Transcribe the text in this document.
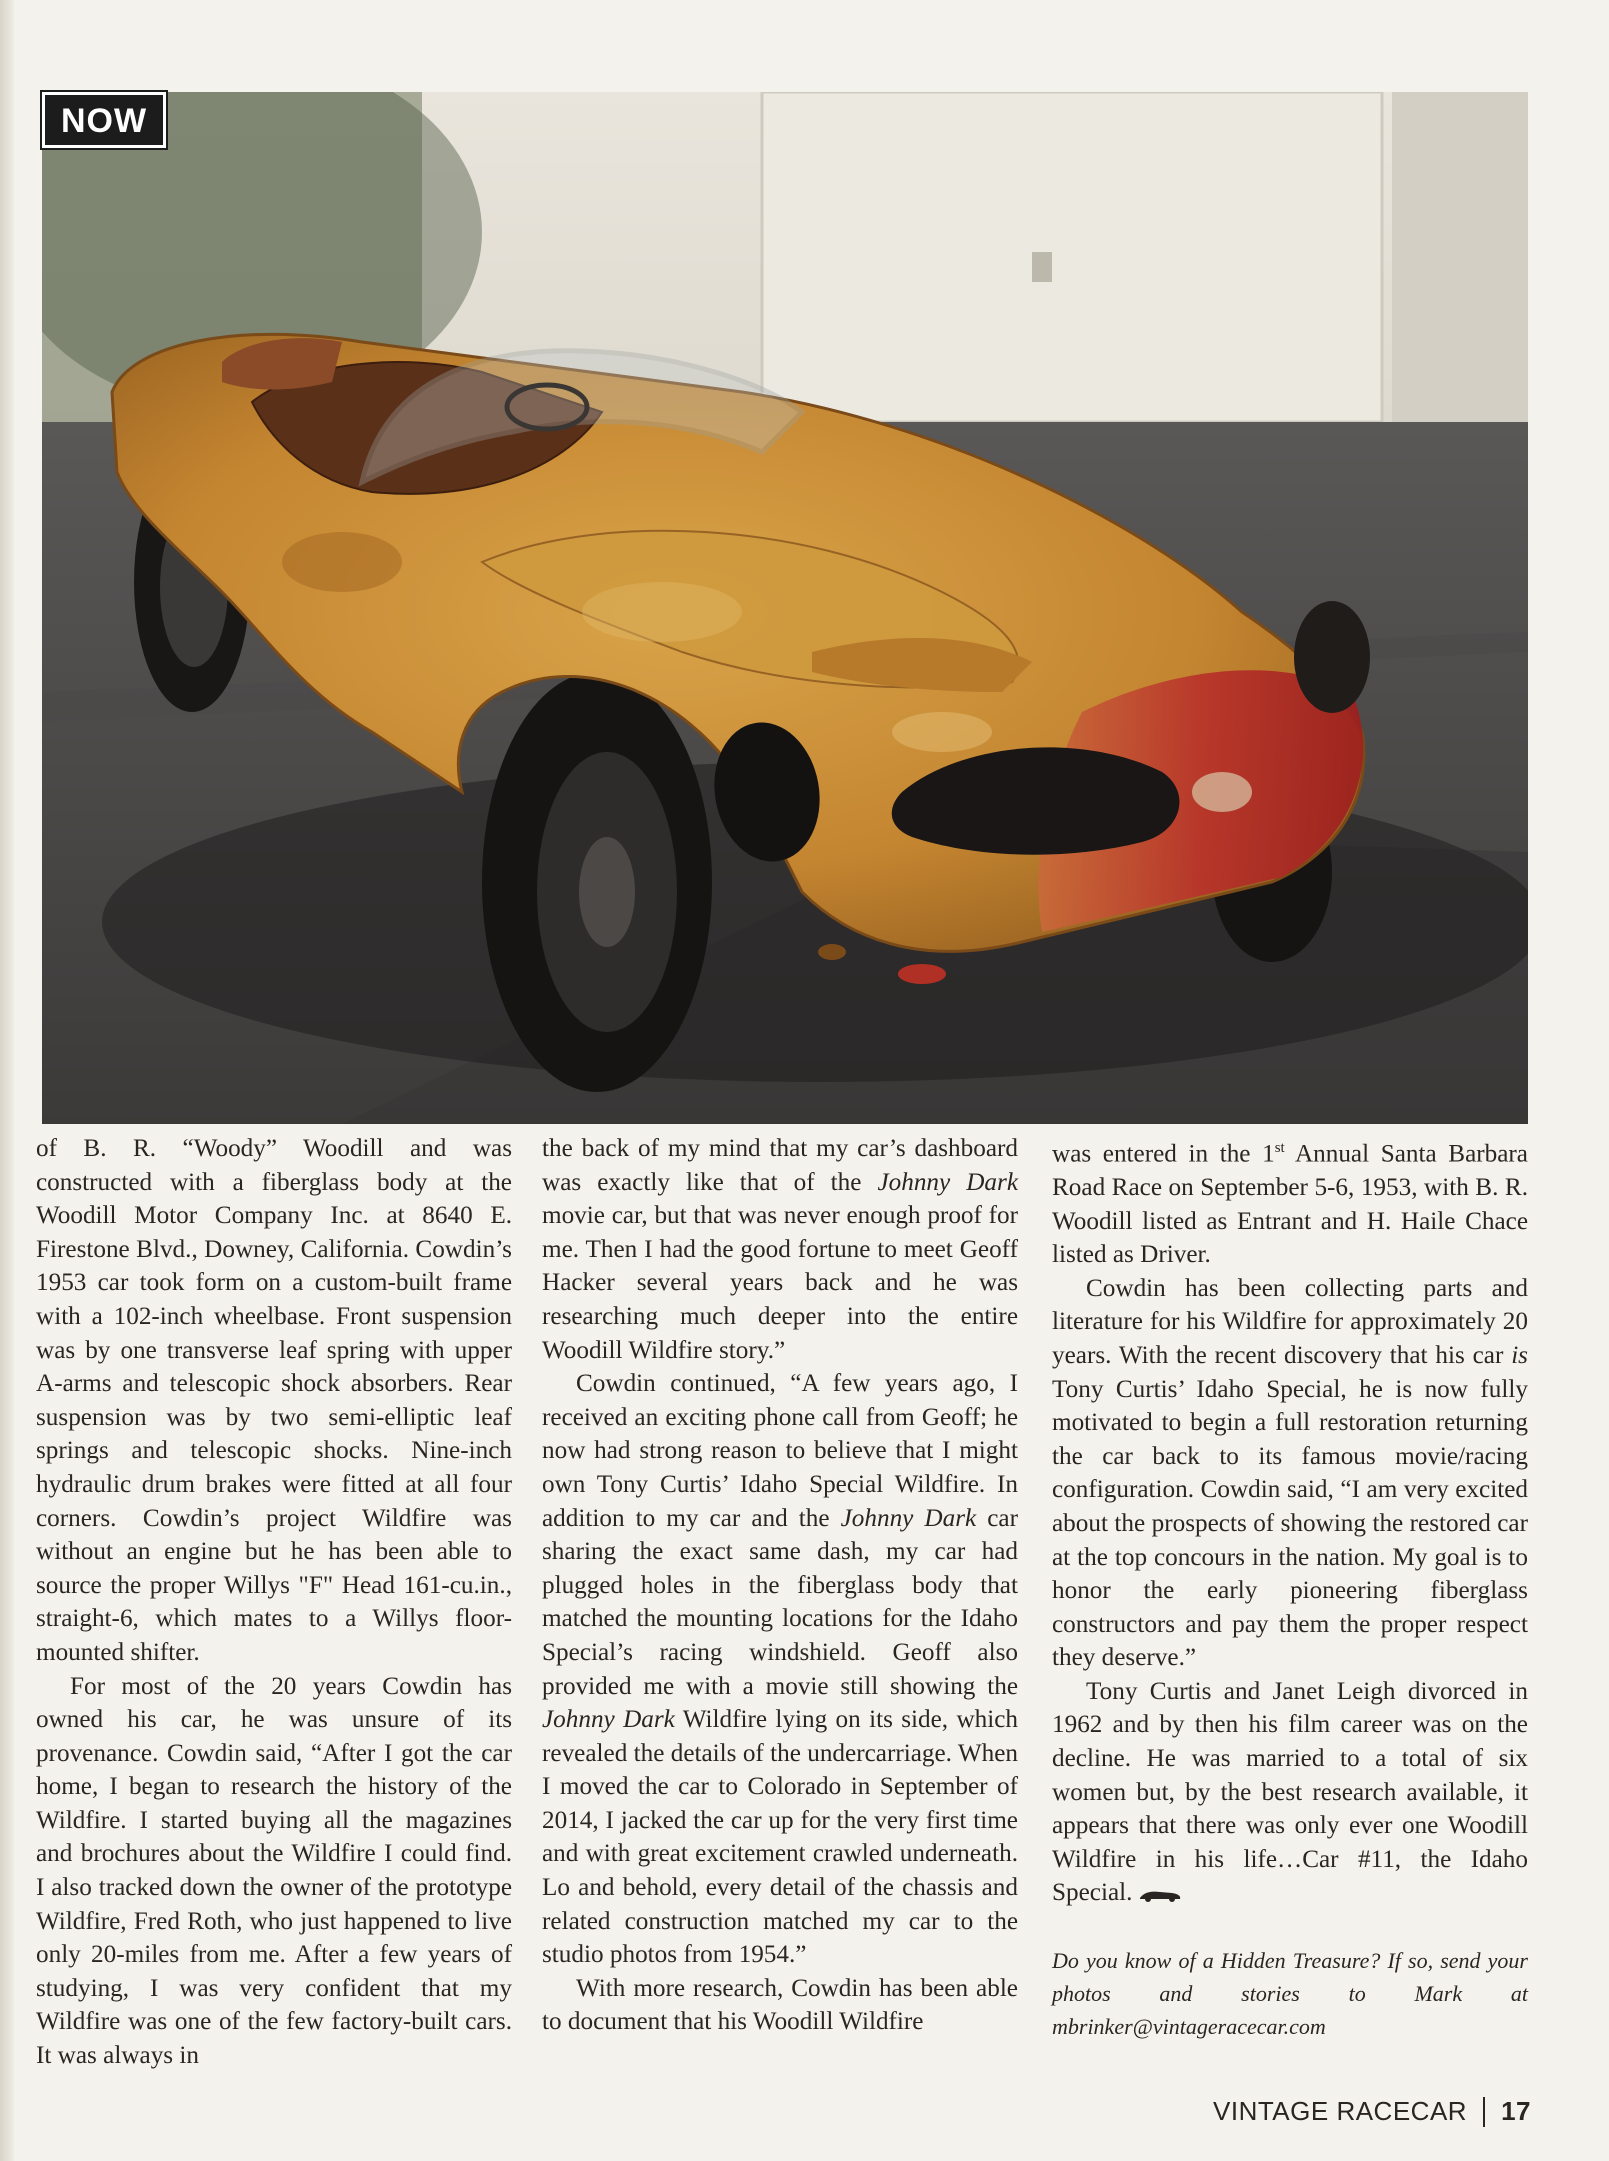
NOW

of B. R. “Woody” Woodill and was constructed with a fiberglass body at the Woodill Motor Company Inc. at 8640 E. Firestone Blvd., Downey, California. Cowdin’s 1953 car took form on a custom-built frame with a 102-inch wheelbase. Front suspension was by one transverse leaf spring with upper A-arms and telescopic shock absorbers. Rear suspension was by two semi-elliptic leaf springs and telescopic shocks. Nine-inch hydraulic drum brakes were fitted at all four corners. Cowdin’s project Wildfire was without an engine but he has been able to source the proper Willys "F" Head 161-cu.in., straight-6, which mates to a Willys floor-mounted shifter.

For most of the 20 years Cowdin has owned his car, he was unsure of its provenance. Cowdin said, “After I got the car home, I began to research the history of the Wildfire. I started buying all the magazines and brochures about the Wildfire I could find. I also tracked down the owner of the prototype Wildfire, Fred Roth, who just happened to live only 20-miles from me. After a few years of studying, I was very confident that my Wildfire was one of the few factory-built cars. It was always in

the back of my mind that my car’s dashboard was exactly like that of the Johnny Dark movie car, but that was never enough proof for me. Then I had the good fortune to meet Geoff Hacker several years back and he was researching much deeper into the entire Woodill Wildfire story.”

Cowdin continued, “A few years ago, I received an exciting phone call from Geoff; he now had strong reason to believe that I might own Tony Curtis’ Idaho Special Wildfire. In addition to my car and the Johnny Dark car sharing the exact same dash, my car had plugged holes in the fiberglass body that matched the mounting locations for the Idaho Special’s racing windshield. Geoff also provided me with a movie still showing the Johnny Dark Wildfire lying on its side, which revealed the details of the undercarriage. When I moved the car to Colorado in September of 2014, I jacked the car up for the very first time and with great excitement crawled underneath. Lo and behold, every detail of the chassis and related construction matched my car to the studio photos from 1954.”

With more research, Cowdin has been able to document that his Woodill Wildfire

was entered in the 1st Annual Santa Barbara Road Race on September 5-6, 1953, with B. R. Woodill listed as Entrant and H. Haile Chace listed as Driver.

Cowdin has been collecting parts and literature for his Wildfire for approximately 20 years. With the recent discovery that his car is Tony Curtis’ Idaho Special, he is now fully motivated to begin a full restoration returning the car back to its famous movie/racing configuration. Cowdin said, “I am very excited about the prospects of showing the restored car at the top concours in the nation. My goal is to honor the early pioneering fiberglass constructors and pay them the proper respect they deserve.”

Tony Curtis and Janet Leigh divorced in 1962 and by then his film career was on the decline. He was married to a total of six women but, by the best research available, it appears that there was only ever one Woodill Wildfire in his life…Car #11, the Idaho Special.

Do you know of a Hidden Treasure? If so, send your photos and stories to Mark at mbrinker@vintageracecar.com

VINTAGE RACECAR 17
